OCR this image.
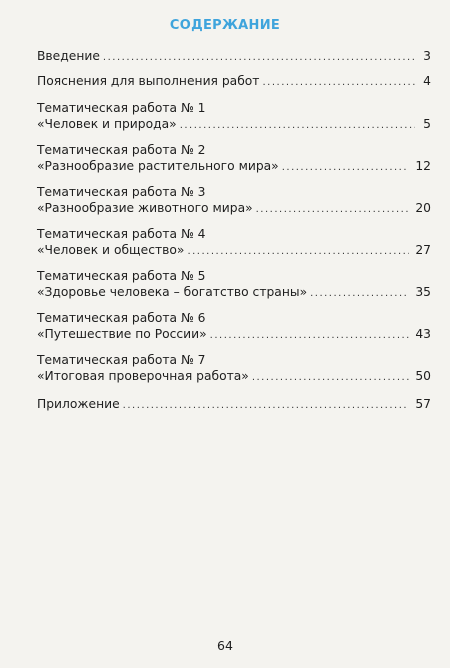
СОДЕРЖАНИЕ
Введение .....	3
Пояснения для выполнения работ .....	4
Тематическая работа № 1
«Человек и природа» .....	5
Тематическая работа № 2
«Разнообразие растительного мира» .....	12
Тематическая работа № 3
«Разнообразие животного мира» .....	20
Тематическая работа № 4
«Человек и общество» .....	27
Тематическая работа № 5
«Здоровье человека – богатство страны» .....	35
Тематическая работа № 6
«Путешествие по России» .....	43
Тематическая работа № 7
«Итоговая проверочная работа» .....	50
Приложение .....	57
64
